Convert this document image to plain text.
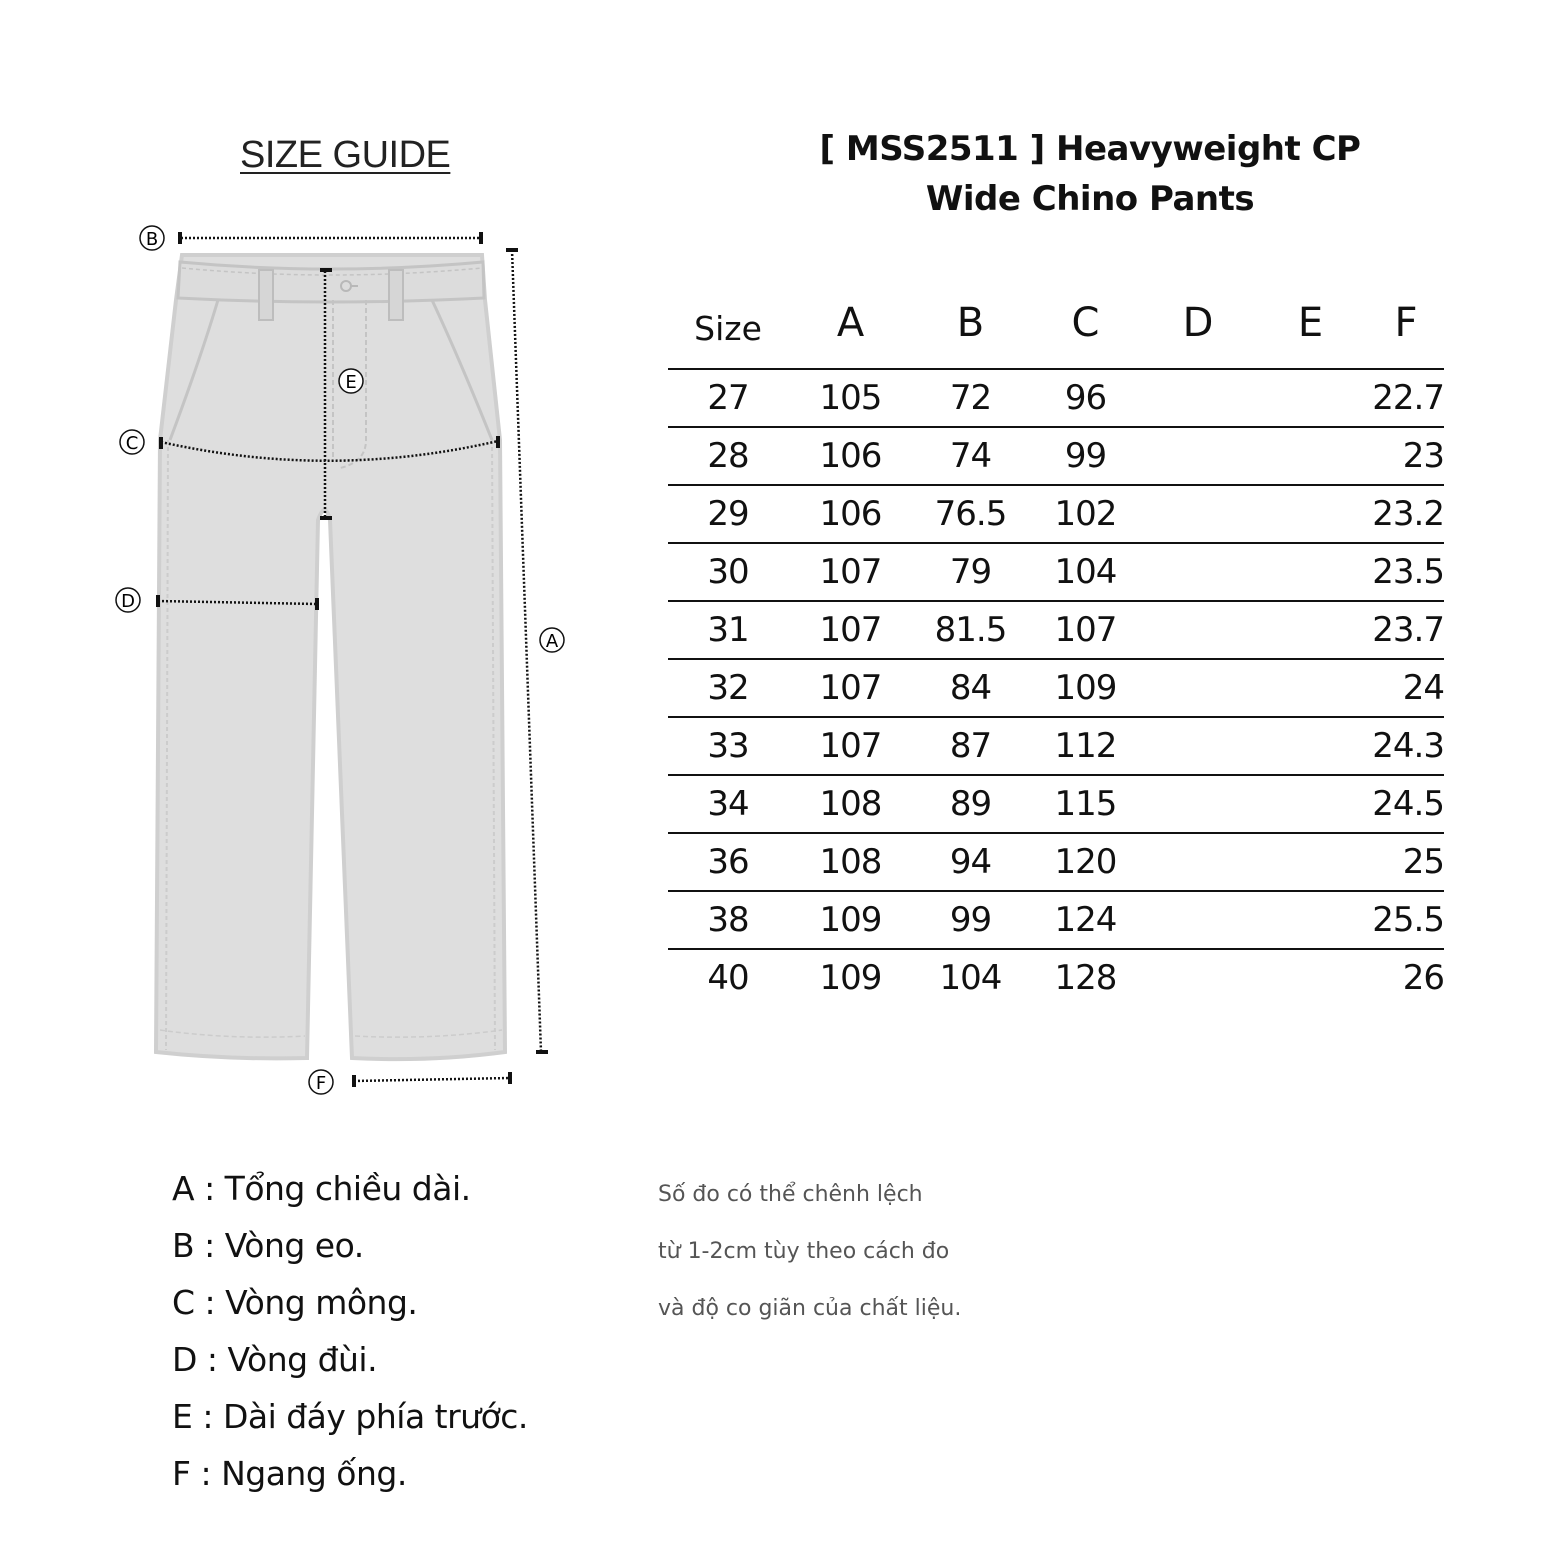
SIZE GUIDE	[ MSS2511 ] Heavyweight CP
Wide Chino Pants
B
E
C
D
A
F
Size	A	B	C	D	E	F
27	105	72	96			22.7
28	106	74	99			23
29	106	76.5	102			23.2
30	107	79	104			23.5
31	107	81.5	107			23.7
32	107	84	109			24
33	107	87	112			24.3
34	108	89	115			24.5
36	108	94	120			25
38	109	99	124			25.5
40	109	104	128			26
A : Tổng chiều dài.
B : Vòng eo.
C : Vòng mông.
D : Vòng đùi.
E : Dài đáy phía trước.
F : Ngang ống.
Số đo có thể chênh lệch
từ 1-2cm tùy theo cách đo
và độ co giãn của chất liệu.
